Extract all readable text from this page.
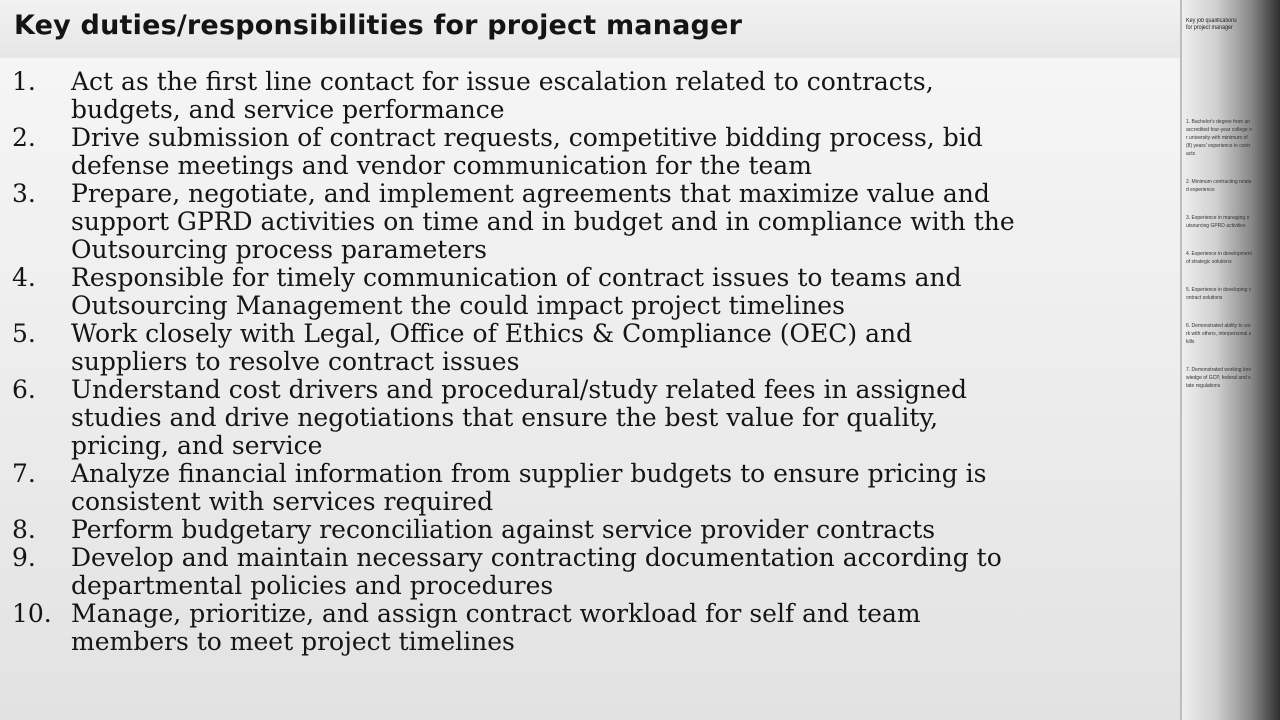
Key duties/responsibilities for project manager
1. Act as the first line contact for issue escalation related to contracts,
budgets, and service performance
2. Drive submission of contract requests, competitive bidding process, bid
defense meetings and vendor communication for the team
3. Prepare, negotiate, and implement agreements that maximize value and
support GPRD activities on time and in budget and in compliance with the
Outsourcing process parameters
4. Responsible for timely communication of contract issues to teams and
Outsourcing Management the could impact project timelines
5. Work closely with Legal, Office of Ethics & Compliance (OEC) and
suppliers to resolve contract issues
6. Understand cost drivers and procedural/study related fees in assigned
studies and drive negotiations that ensure the best value for quality,
pricing, and service
7. Analyze financial information from supplier budgets to ensure pricing is
consistent with services required
8. Perform budgetary reconciliation against service provider contracts
9. Develop and maintain necessary contracting documentation according to
departmental policies and procedures
10. Manage, prioritize, and assign contract workload for self and team
members to meet project timelines
Key job qualifications for project manager
1. Bachelor's degree from an accredited four-year college or university with minimum of (8) years' experience in contracts
2. Minimum contracting related experience
3. Experience in managing outsourcing GPRD activities
4. Experience in development of strategic solutions
5. Experience in developing contract solutions
6. Demonstrated ability to work with others, interpersonal skills
7. Demonstrated working knowledge of GCP, federal and state regulations
